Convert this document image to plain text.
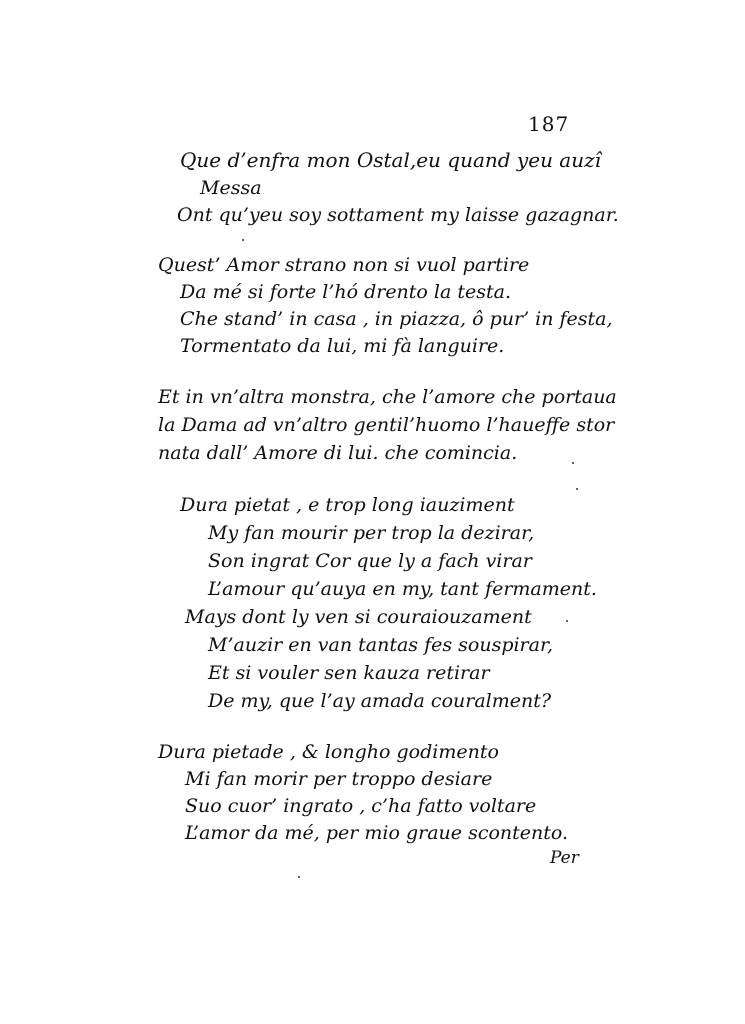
187
Que d’enfra mon Ostal,eu quand yeu auzî
Messa
Ont qu’yeu soy sottament my laisse gazagnar.
Quest’ Amor strano non si vuol partire
Da mé si forte l’hó drento la testa.
Che stand’ in casa , in piazza, ô pur’ in festa,
Tormentato da lui, mi fà languire.
Et in vn’altra monstra, che l’amore che portaua
la Dama ad vn’altro gentil’huomo l’haueffe stor
nata dall’ Amore di lui. che comincia.
Dura pietat , e trop long iauziment
My fan mourir per trop la dezirar,
Son ingrat Cor que ly a fach virar
L’amour qu’auya en my, tant fermament.
Mays dont ly ven si couraiouzament
M’auzir en van tantas fes souspirar,
Et si vouler sen kauza retirar
De my, que l’ay amada couralment?
Dura pietade , & longho godimento
Mi fan morir per troppo desiare
Suo cuor’ ingrato , c’ha fatto voltare
L’amor da mé, per mio graue scontento.
Per
